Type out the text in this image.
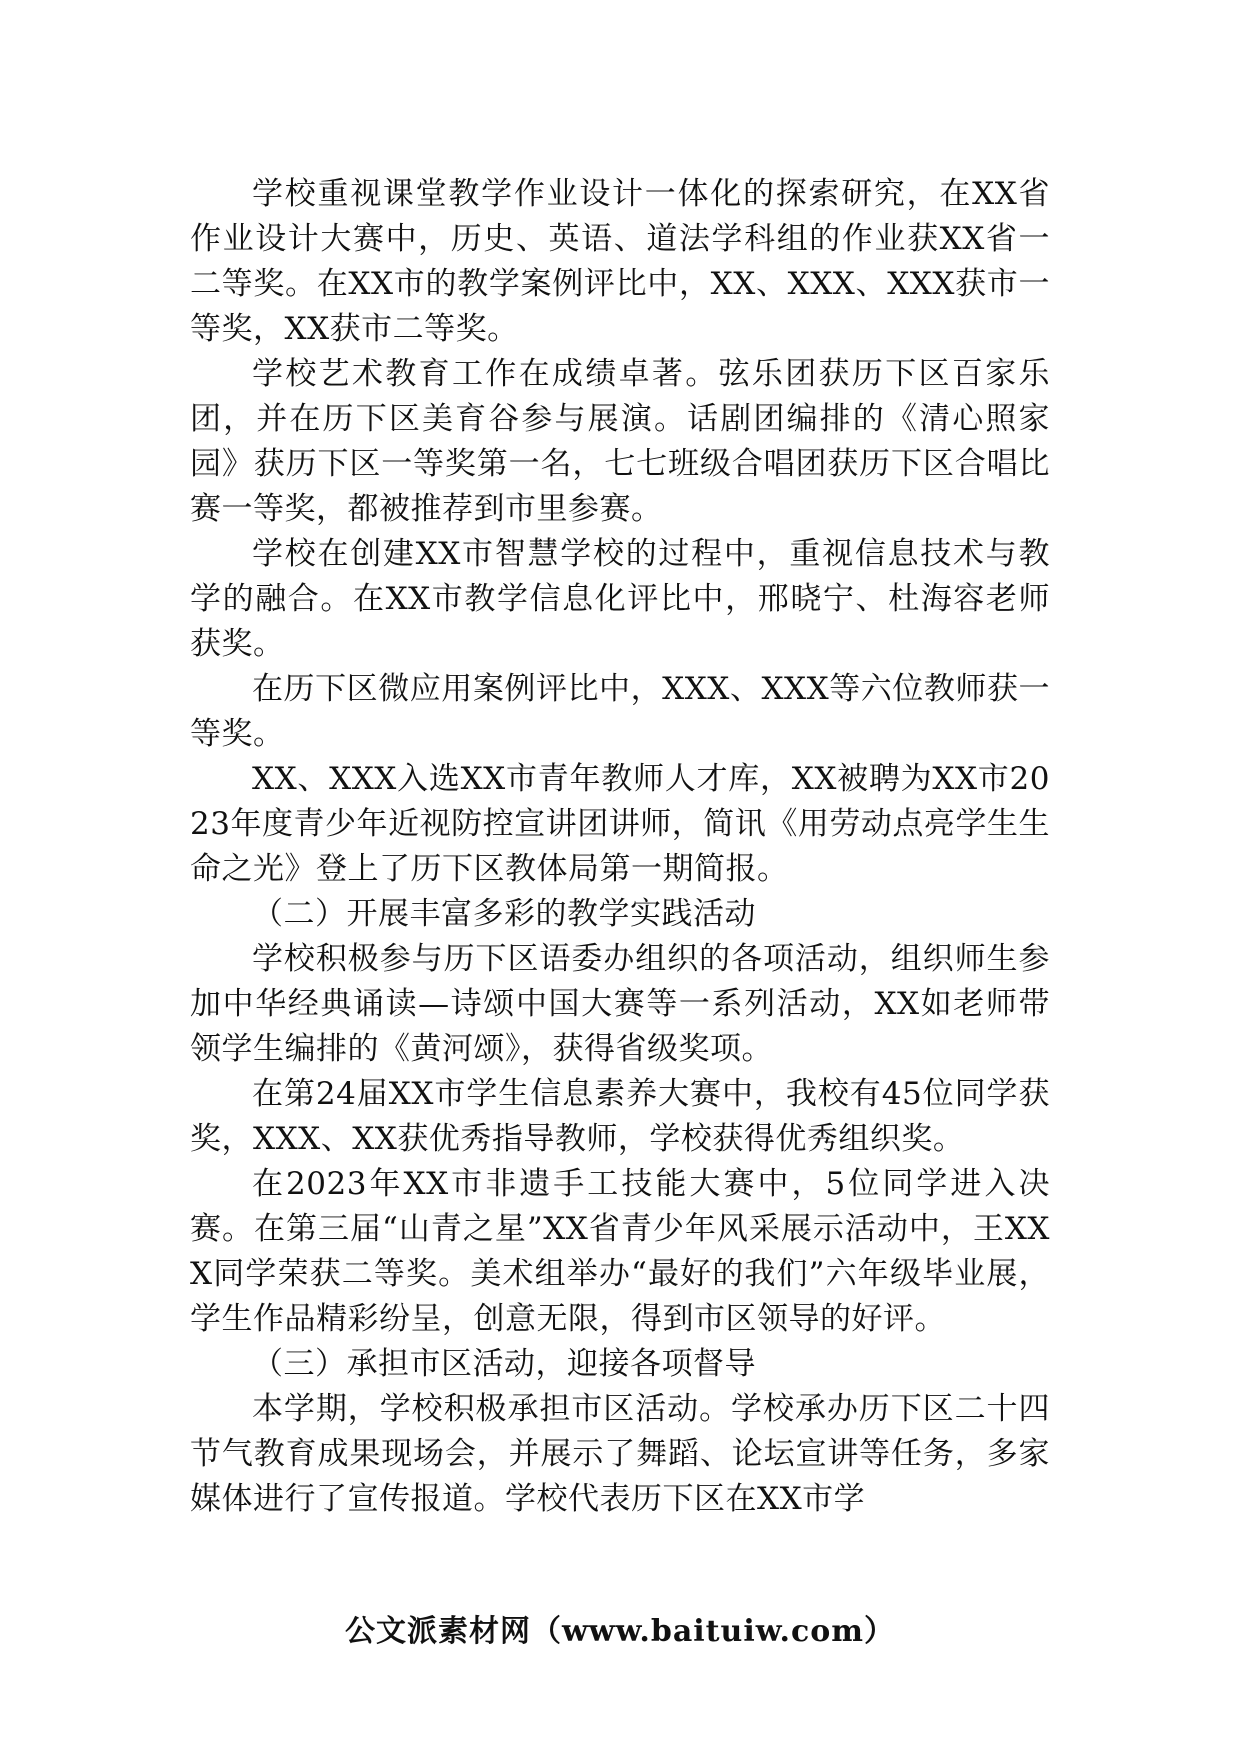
学校重视课堂教学作业设计一体化的探索研究，在XX省作业设计大赛中，历史、英语、道法学科组的作业获XX省一二等奖。在XX市的教学案例评比中，XX、XXX、XXX获市一等奖，XX获市二等奖。

学校艺术教育工作在成绩卓著。弦乐团获历下区百家乐团，并在历下区美育谷参与展演。话剧团编排的《清心照家园》获历下区一等奖第一名，七七班级合唱团获历下区合唱比赛一等奖，都被推荐到市里参赛。

学校在创建XX市智慧学校的过程中，重视信息技术与教学的融合。在XX市教学信息化评比中，邢晓宁、杜海容老师获奖。

在历下区微应用案例评比中，XXX、XXX等六位教师获一等奖。

XX、XXX入选XX市青年教师人才库，XX被聘为XX市2023年度青少年近视防控宣讲团讲师，简讯《用劳动点亮学生生命之光》登上了历下区教体局第一期简报。

（二）开展丰富多彩的教学实践活动

学校积极参与历下区语委办组织的各项活动，组织师生参加中华经典诵读—诗颂中国大赛等一系列活动，XX如老师带领学生编排的《黄河颂》，获得省级奖项。

在第24届XX市学生信息素养大赛中，我校有45位同学获奖，XXX、XX获优秀指导教师，学校获得优秀组织奖。

在2023年XX市非遗手工技能大赛中，5位同学进入决赛。在第三届“山青之星”XX省青少年风采展示活动中，王XXX同学荣获二等奖。美术组举办“最好的我们”六年级毕业展，学生作品精彩纷呈，创意无限，得到市区领导的好评。

（三）承担市区活动，迎接各项督导

本学期，学校积极承担市区活动。学校承办历下区二十四节气教育成果现场会，并展示了舞蹈、论坛宣讲等任务，多家媒体进行了宣传报道。学校代表历下区在XX市学

公文派素材网（www.baituiw.com）
